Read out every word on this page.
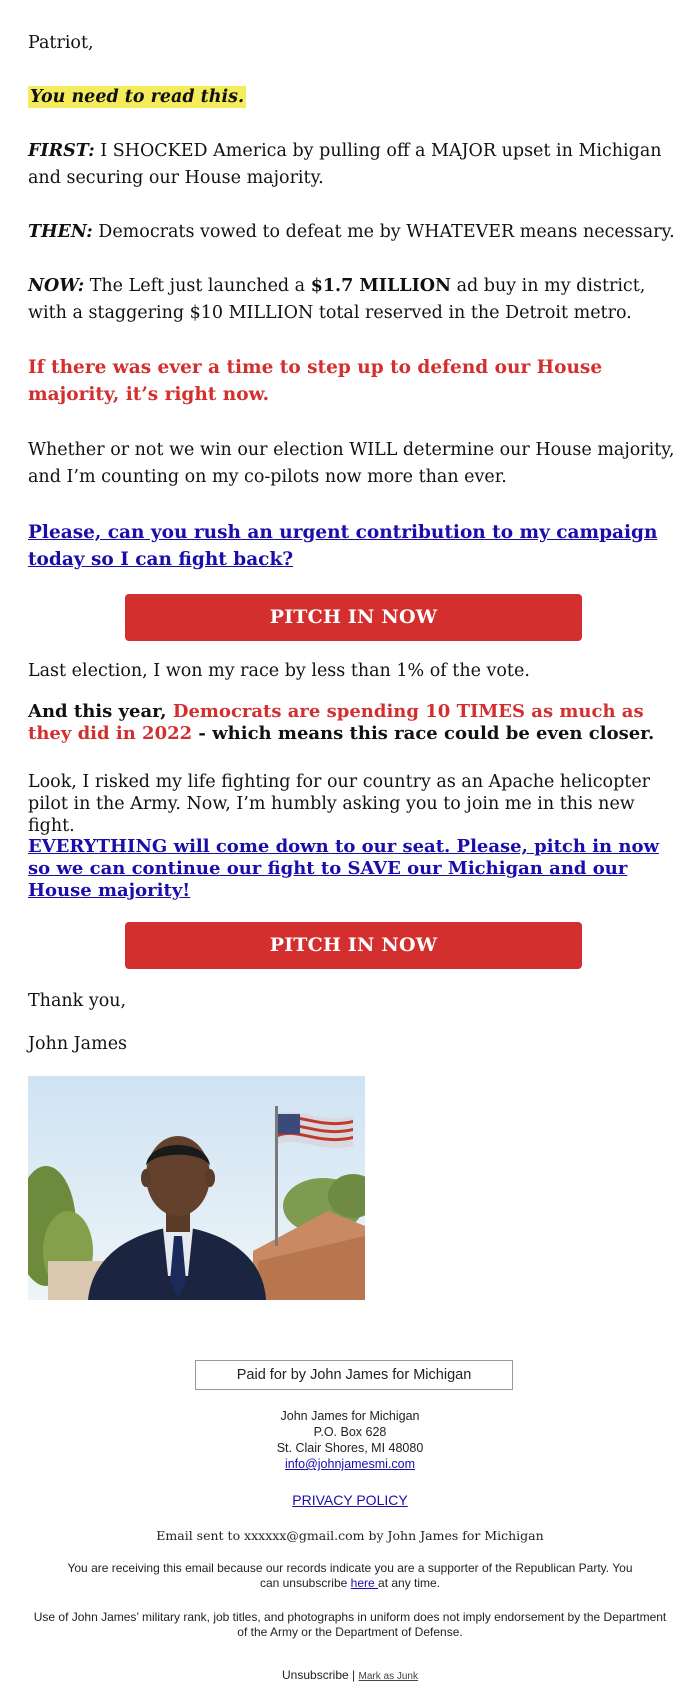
Patriot,
You need to read this.
FIRST: I SHOCKED America by pulling off a MAJOR upset in Michigan and securing our House majority.
THEN: Democrats vowed to defeat me by WHATEVER means necessary.
NOW: The Left just launched a $1.7 MILLION ad buy in my district, with a staggering $10 MILLION total reserved in the Detroit metro.
If there was ever a time to step up to defend our House majority, it’s right now.
Whether or not we win our election WILL determine our House majority, and I’m counting on my co-pilots now more than ever.
Please, can you rush an urgent contribution to my campaign today so I can fight back?
PITCH IN NOW
Last election, I won my race by less than 1% of the vote.
And this year, Democrats are spending 10 TIMES as much as they did in 2022 - which means this race could be even closer.
Look, I risked my life fighting for our country as an Apache helicopter pilot in the Army. Now, I’m humbly asking you to join me in this new fight.
EVERYTHING will come down to our seat. Please, pitch in now so we can continue our fight to SAVE our Michigan and our House majority!
PITCH IN NOW
Thank you,
John James
Paid for by John James for Michigan
John James for Michigan
P.O. Box 628
St. Clair Shores, MI 48080
info@johnjamesmi.com
PRIVACY POLICY
Email sent to xxxxxx@gmail.com by John James for Michigan
You are receiving this email because our records indicate you are a supporter of the Republican Party. You can unsubscribe here at any time.
Use of John James’ military rank, job titles, and photographs in uniform does not imply endorsement by the Department of the Army or the Department of Defense.
Unsubscribe | Mark as Junk
